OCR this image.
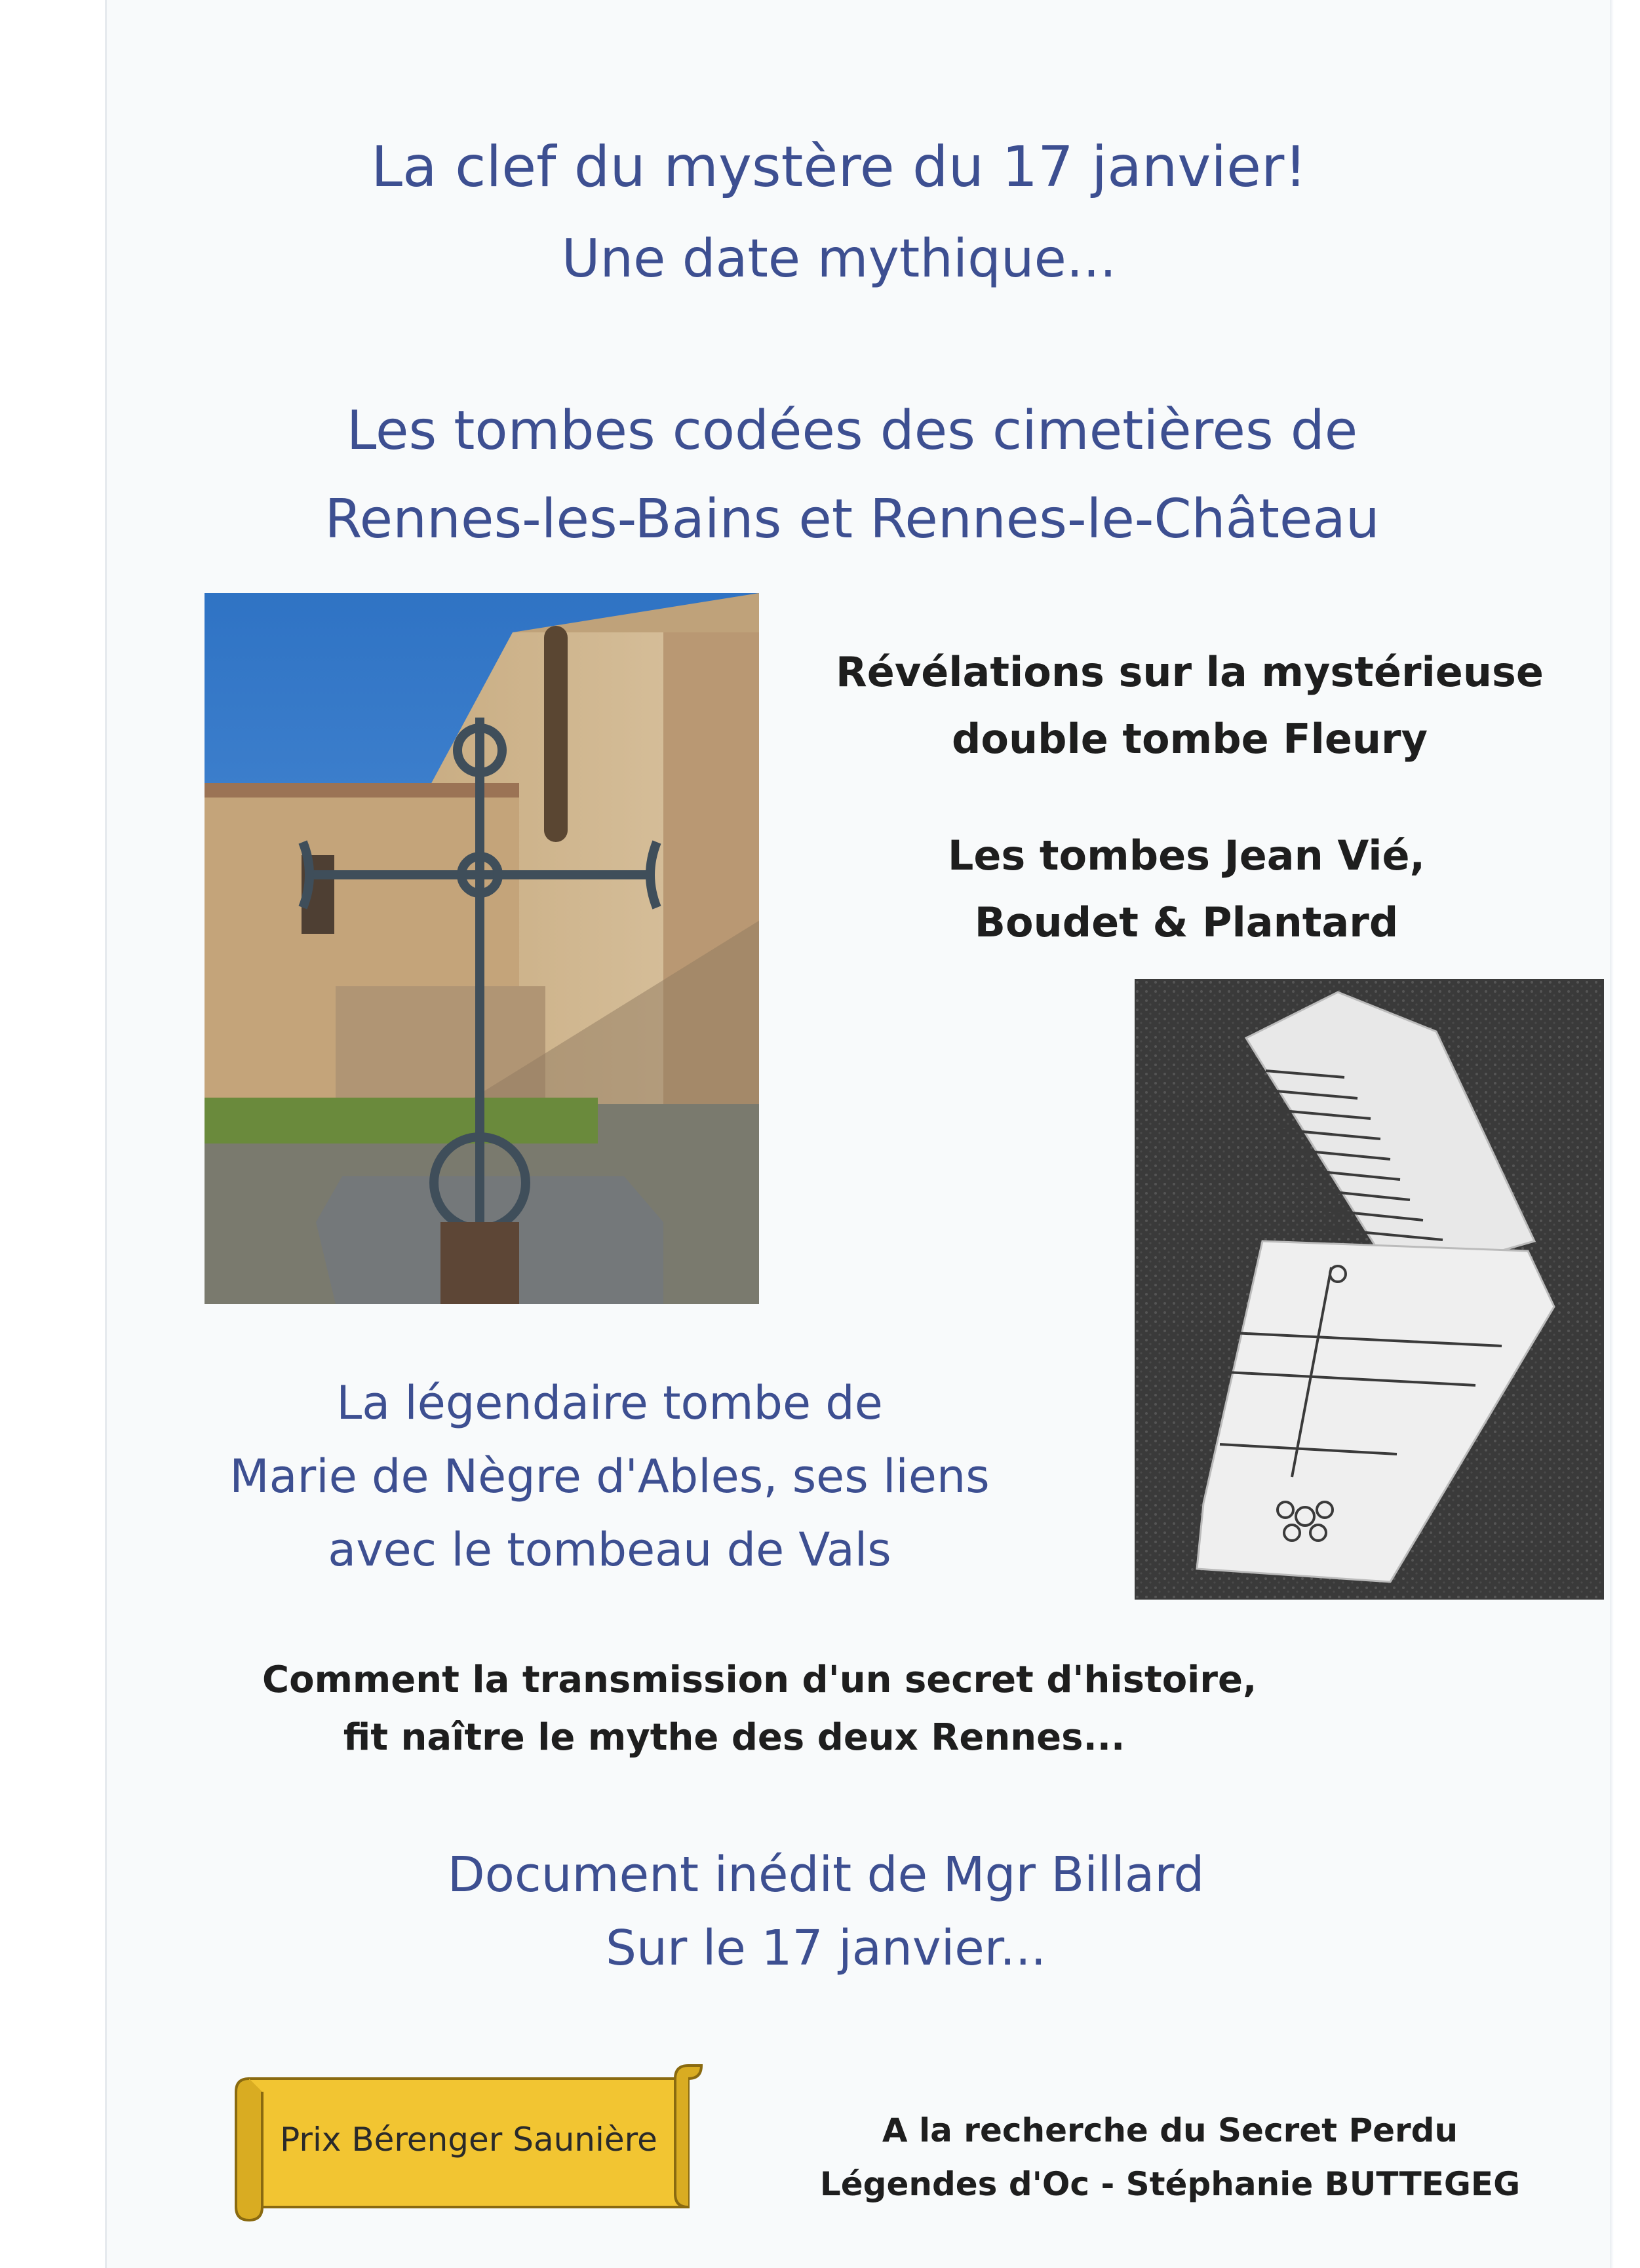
La clef du mystère du 17 janvier!
Une date mythique...
Les tombes codées des cimetières de
Rennes-les-Bains et Rennes-le-Château
Révélations sur la mystérieuse
double tombe Fleury
Les tombes Jean Vié,
Boudet & Plantard
La légendaire tombe de
Marie de Nègre d'Ables, ses liens
avec le tombeau de Vals
Comment la transmission d'un secret d'histoire,
fit naître le mythe des deux Rennes...
Document inédit de Mgr Billard
Sur le 17 janvier...
Prix Bérenger Saunière	A la recherche du Secret Perdu
Légendes d'Oc - Stéphanie BUTTEGEG
